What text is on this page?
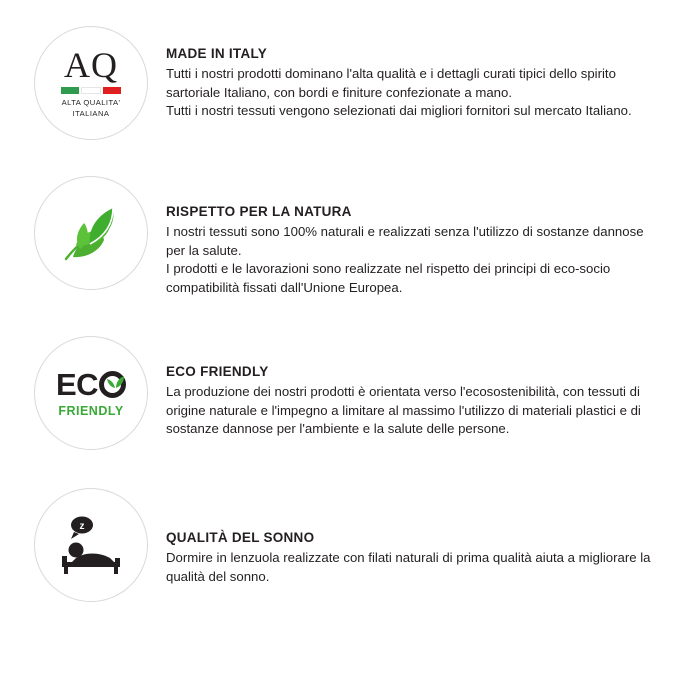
AQ
ALTA QUALITA'
ITALIANA
MADE IN ITALY

Tutti i nostri prodotti dominano l'alta qualità e i dettagli curati tipici dello spirito sartoriale Italiano, con bordi e finiture confezionate a mano.

Tutti i nostri tessuti vengono selezionati dai migliori fornitori sul mercato Italiano.

RISPETTO PER LA NATURA

I nostri tessuti sono 100% naturali e realizzati senza l'utilizzo di sostanze dannose per la salute.

I prodotti e le lavorazioni sono realizzate nel rispetto dei principi di eco-socio compatibilità fissati dall'Unione Europea.

EC
FRIENDLY
ECO FRIENDLY

La produzione dei nostri prodotti è orientata verso l'ecosostenibilità, con tessuti di origine naturale e l'impegno a limitare al massimo l'utilizzo di materiali plastici e di sostanze dannose per l'ambiente e la salute delle persone.

z
QUALITÀ DEL SONNO

Dormire in lenzuola realizzate con filati naturali di prima qualità aiuta a migliorare la qualità del sonno.
